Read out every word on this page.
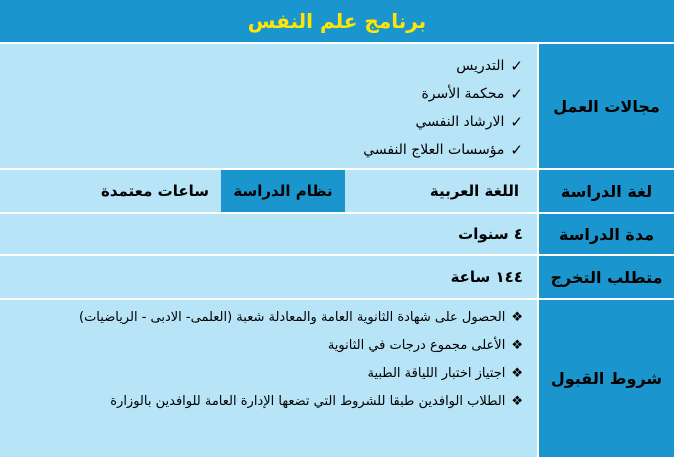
برنامج علم النفس
مجالات العمل
✓
التدريس
✓
محكمة الأسرة
✓
الارشاد النفسي
✓
مؤسسات العلاج النفسي
لغة الدراسة
اللغة العربية
نظام الدراسة
ساعات معتمدة
مدة الدراسة
٤ سنوات
متطلب التخرج
١٤٤ ساعة
شروط القبول
❖
الحصول على شهادة الثانوية العامة والمعادلة شعبة (العلمى- الادبى - الرياضيات)
❖
الأعلى مجموع درجات في الثانوية
❖
اجتياز اختبار اللياقة الطبية
❖
الطلاب الوافدين طبقا للشروط التي تضعها الإدارة العامة للوافدين بالوزارة
